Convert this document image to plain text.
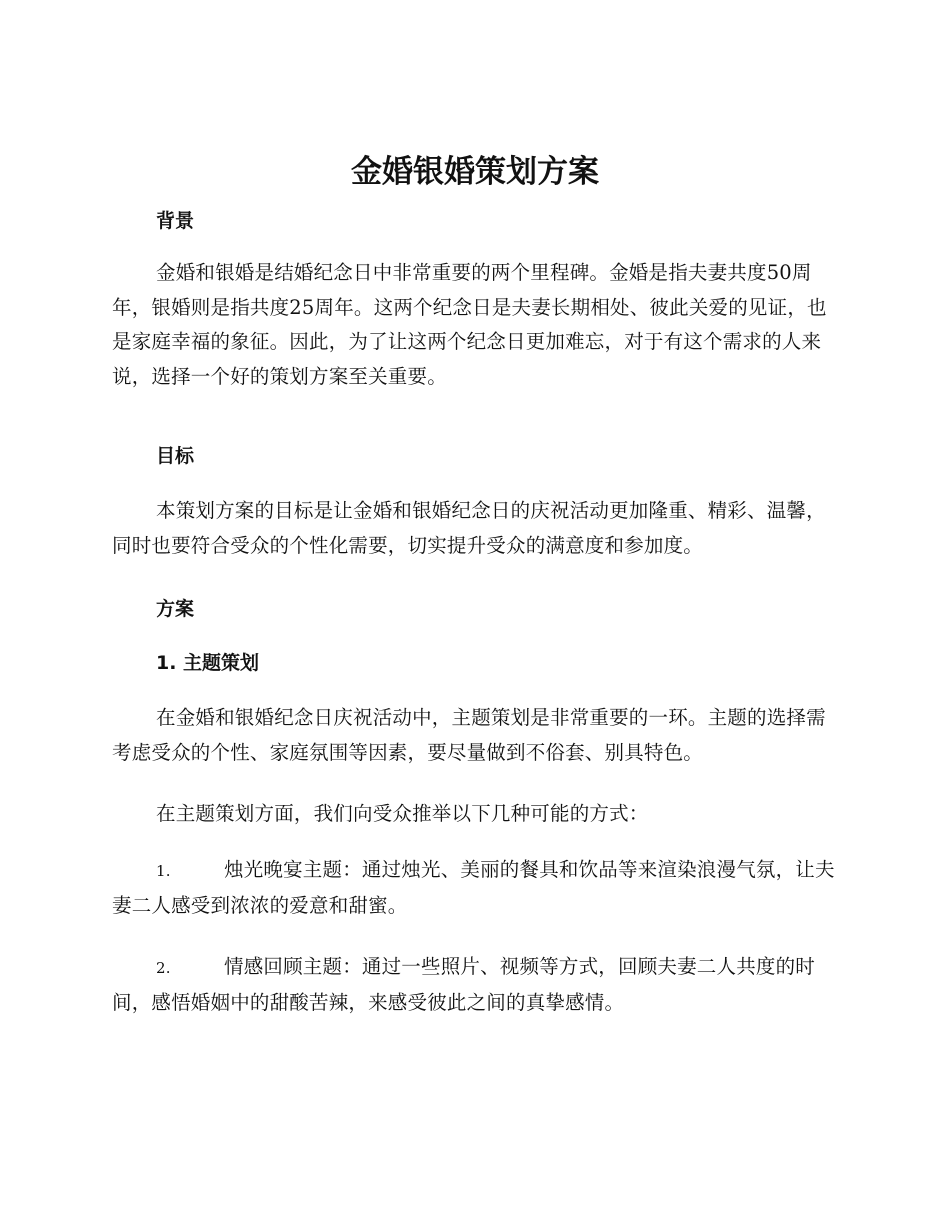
金婚银婚策划方案
背景

金婚和银婚是结婚纪念日中非常重要的两个里程碑。金婚是指夫妻共度50周年，银婚则是指共度25周年。这两个纪念日是夫妻长期相处、彼此关爱的见证，也是家庭幸福的象征。因此，为了让这两个纪念日更加难忘，对于有这个需求的人来说，选择一个好的策划方案至关重要。

目标

本策划方案的目标是让金婚和银婚纪念日的庆祝活动更加隆重、精彩、温馨，同时也要符合受众的个性化需要，切实提升受众的满意度和参加度。

方案
1. 主题策划

在金婚和银婚纪念日庆祝活动中，主题策划是非常重要的一环。主题的选择需考虑受众的个性、家庭氛围等因素，要尽量做到不俗套、别具特色。

在主题策划方面，我们向受众推举以下几种可能的方式：

1.	烛光晚宴主题：通过烛光、美丽的餐具和饮品等来渲染浪漫气氛，让夫妻二人感受到浓浓的爱意和甜蜜。

2.	情感回顾主题：通过一些照片、视频等方式，回顾夫妻二人共度的时间，感悟婚姻中的甜酸苦辣，来感受彼此之间的真挚感情。
